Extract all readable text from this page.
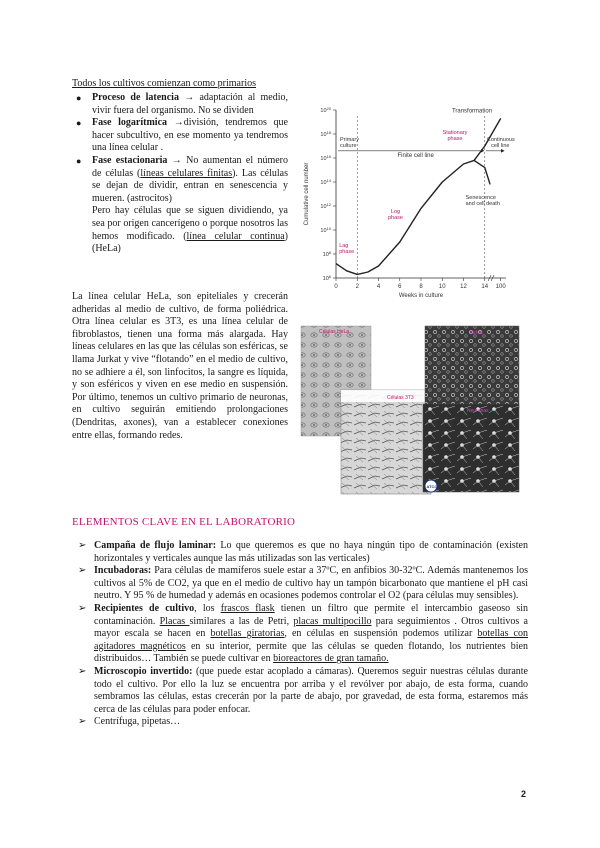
Todos los cultivos comienzan como primarios
● Proceso de latencia → adaptación al medio, vivir fuera del organismo. No se dividen
● Fase logarítmica →división, tendremos que hacer subcultivo, en ese momento ya tendremos una línea celular .
● Fase estacionaria → No aumentan el número de células (líneas celulares finitas). Las células se dejan de dividir, entran en senescencia y mueren. (astrocitos)
Pero hay células que se siguen dividiendo, ya sea por origen cancerígeno o porque nosotros las hemos modificado. (línea celular continua) (HeLa)
La línea celular HeLa, son epiteliales y crecerán adheridas al medio de cultivo, de forma poliédrica. Otra línea celular es 3T3, es una línea celular de fibroblastos, tienen una forma más alargada. Hay líneas celulares en las que las células son esféricas, se llama Jurkat y vive “flotando” en el medio de cultivo, no se adhiere a él, son linfocitos, la sangre es líquida, y son esféricos y viven en ese medio en suspensión. Por último, tenemos un cultivo primario de neuronas, en cultivo seguirán emitiendo prolongaciones (Dendritas, axones), van a establecer conexiones entre ellas, formando redes.
$10^6$
$10^8$
$10^{10}$
$10^{12}$
$10^{14}$
$10^{16}$
$10^{18}$
$10^{20}$
0	2	4	6	8	10 12 14 100
Weeks in culture
Cumulative cell number
Primary
culture
Finite cell line
Continuous
cell line
Transformation
Stationary
phase
Log
phase
Lag
phase
Senescence
and cell death
Células HeLa
Células 3T3
Jurkat
Neuronas
ATCC
ELEMENTOS CLAVE EN EL LABORATORIO
➢ Campaña de flujo laminar: Lo que queremos es que no haya ningún tipo de contaminación (existen horizontales y verticales aunque las más utilizadas son las verticales)
➢ Incubadoras: Para células de mamíferos suele estar a 37ºC, en anfibios 30-32ºC. Además mantenemos los cultivos al 5% de CO2, ya que en el medio de cultivo hay un tampón bicarbonato que mantiene el pH casi neutro. Y 95 % de humedad y además en ocasiones podemos controlar el O2 (para células muy sensibles).
➢ Recipientes de cultivo, los frascos flask tienen un filtro que permite el intercambio gaseoso sin contaminación. Placas similares a las de Petri, placas multipocillo para seguimientos . Otros cultivos a mayor escala se hacen en botellas giratorias, en células en suspensión podemos utilizar botellas con agitadores magnéticos en su interior, permite que las células se queden flotando, los nutrientes bien distribuidos… También se puede cultivar en bioreactores de gran tamaño.
➢ Microscopio invertido: (que puede estar acoplado a cámaras). Queremos seguir nuestras células durante todo el cultivo. Por ello la luz se encuentra por arriba y el revólver por abajo, de esta forma, cuando sembramos las células, estas crecerán por la parte de abajo, por gravedad, de esta forma, estaremos más cerca de las células para poder enfocar.
➢ Centrífuga, pipetas…
2
